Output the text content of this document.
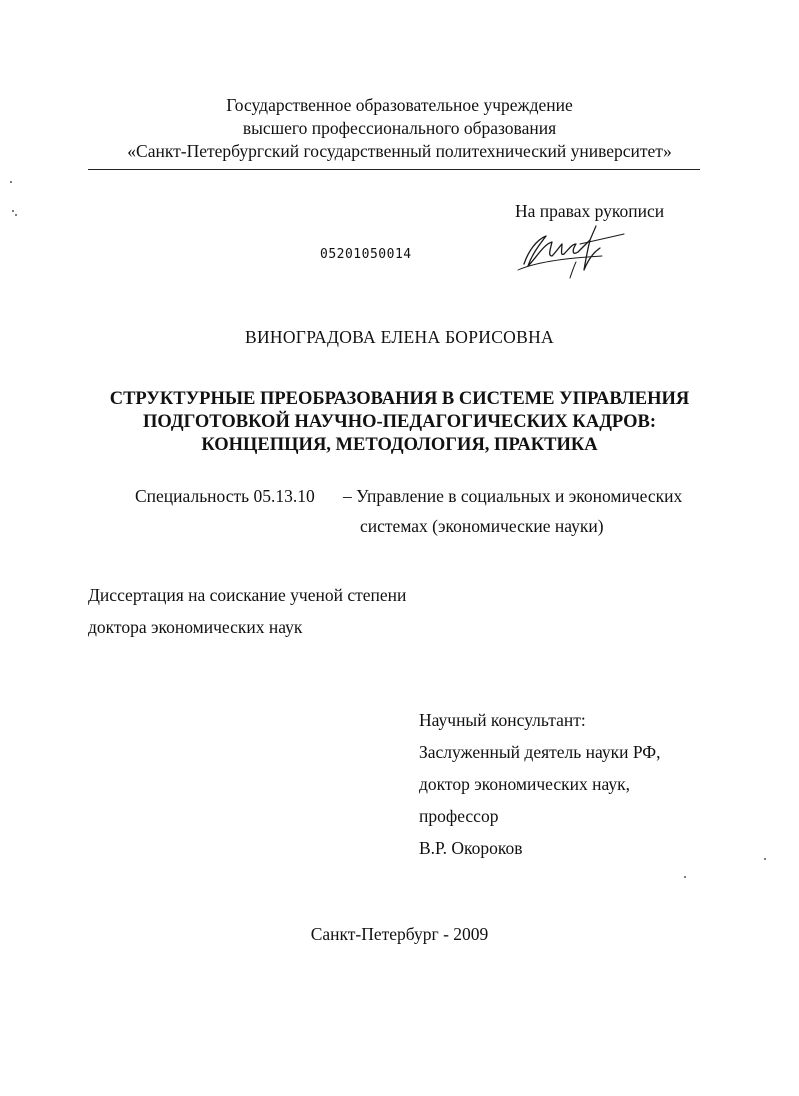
Государственное образовательное учреждение
высшего профессионального образования
«Санкт-Петербургский государственный политехнический университет»
На правах рукописи
05201050014
ВИНОГРАДОВА ЕЛЕНА БОРИСОВНА
СТРУКТУРНЫЕ ПРЕОБРАЗОВАНИЯ В СИСТЕМЕ УПРАВЛЕНИЯ
ПОДГОТОВКОЙ НАУЧНО-ПЕДАГОГИЧЕСКИХ КАДРОВ:
КОНЦЕПЦИЯ, МЕТОДОЛОГИЯ, ПРАКТИКА
Специальность 05.13.10 – Управление в социальных и экономических
системах (экономические науки)
Диссертация на соискание ученой степени
доктора экономических наук
Научный консультант:
Заслуженный деятель науки РФ,
доктор экономических наук,
профессор
В.Р. Окороков
Санкт-Петербург - 2009
